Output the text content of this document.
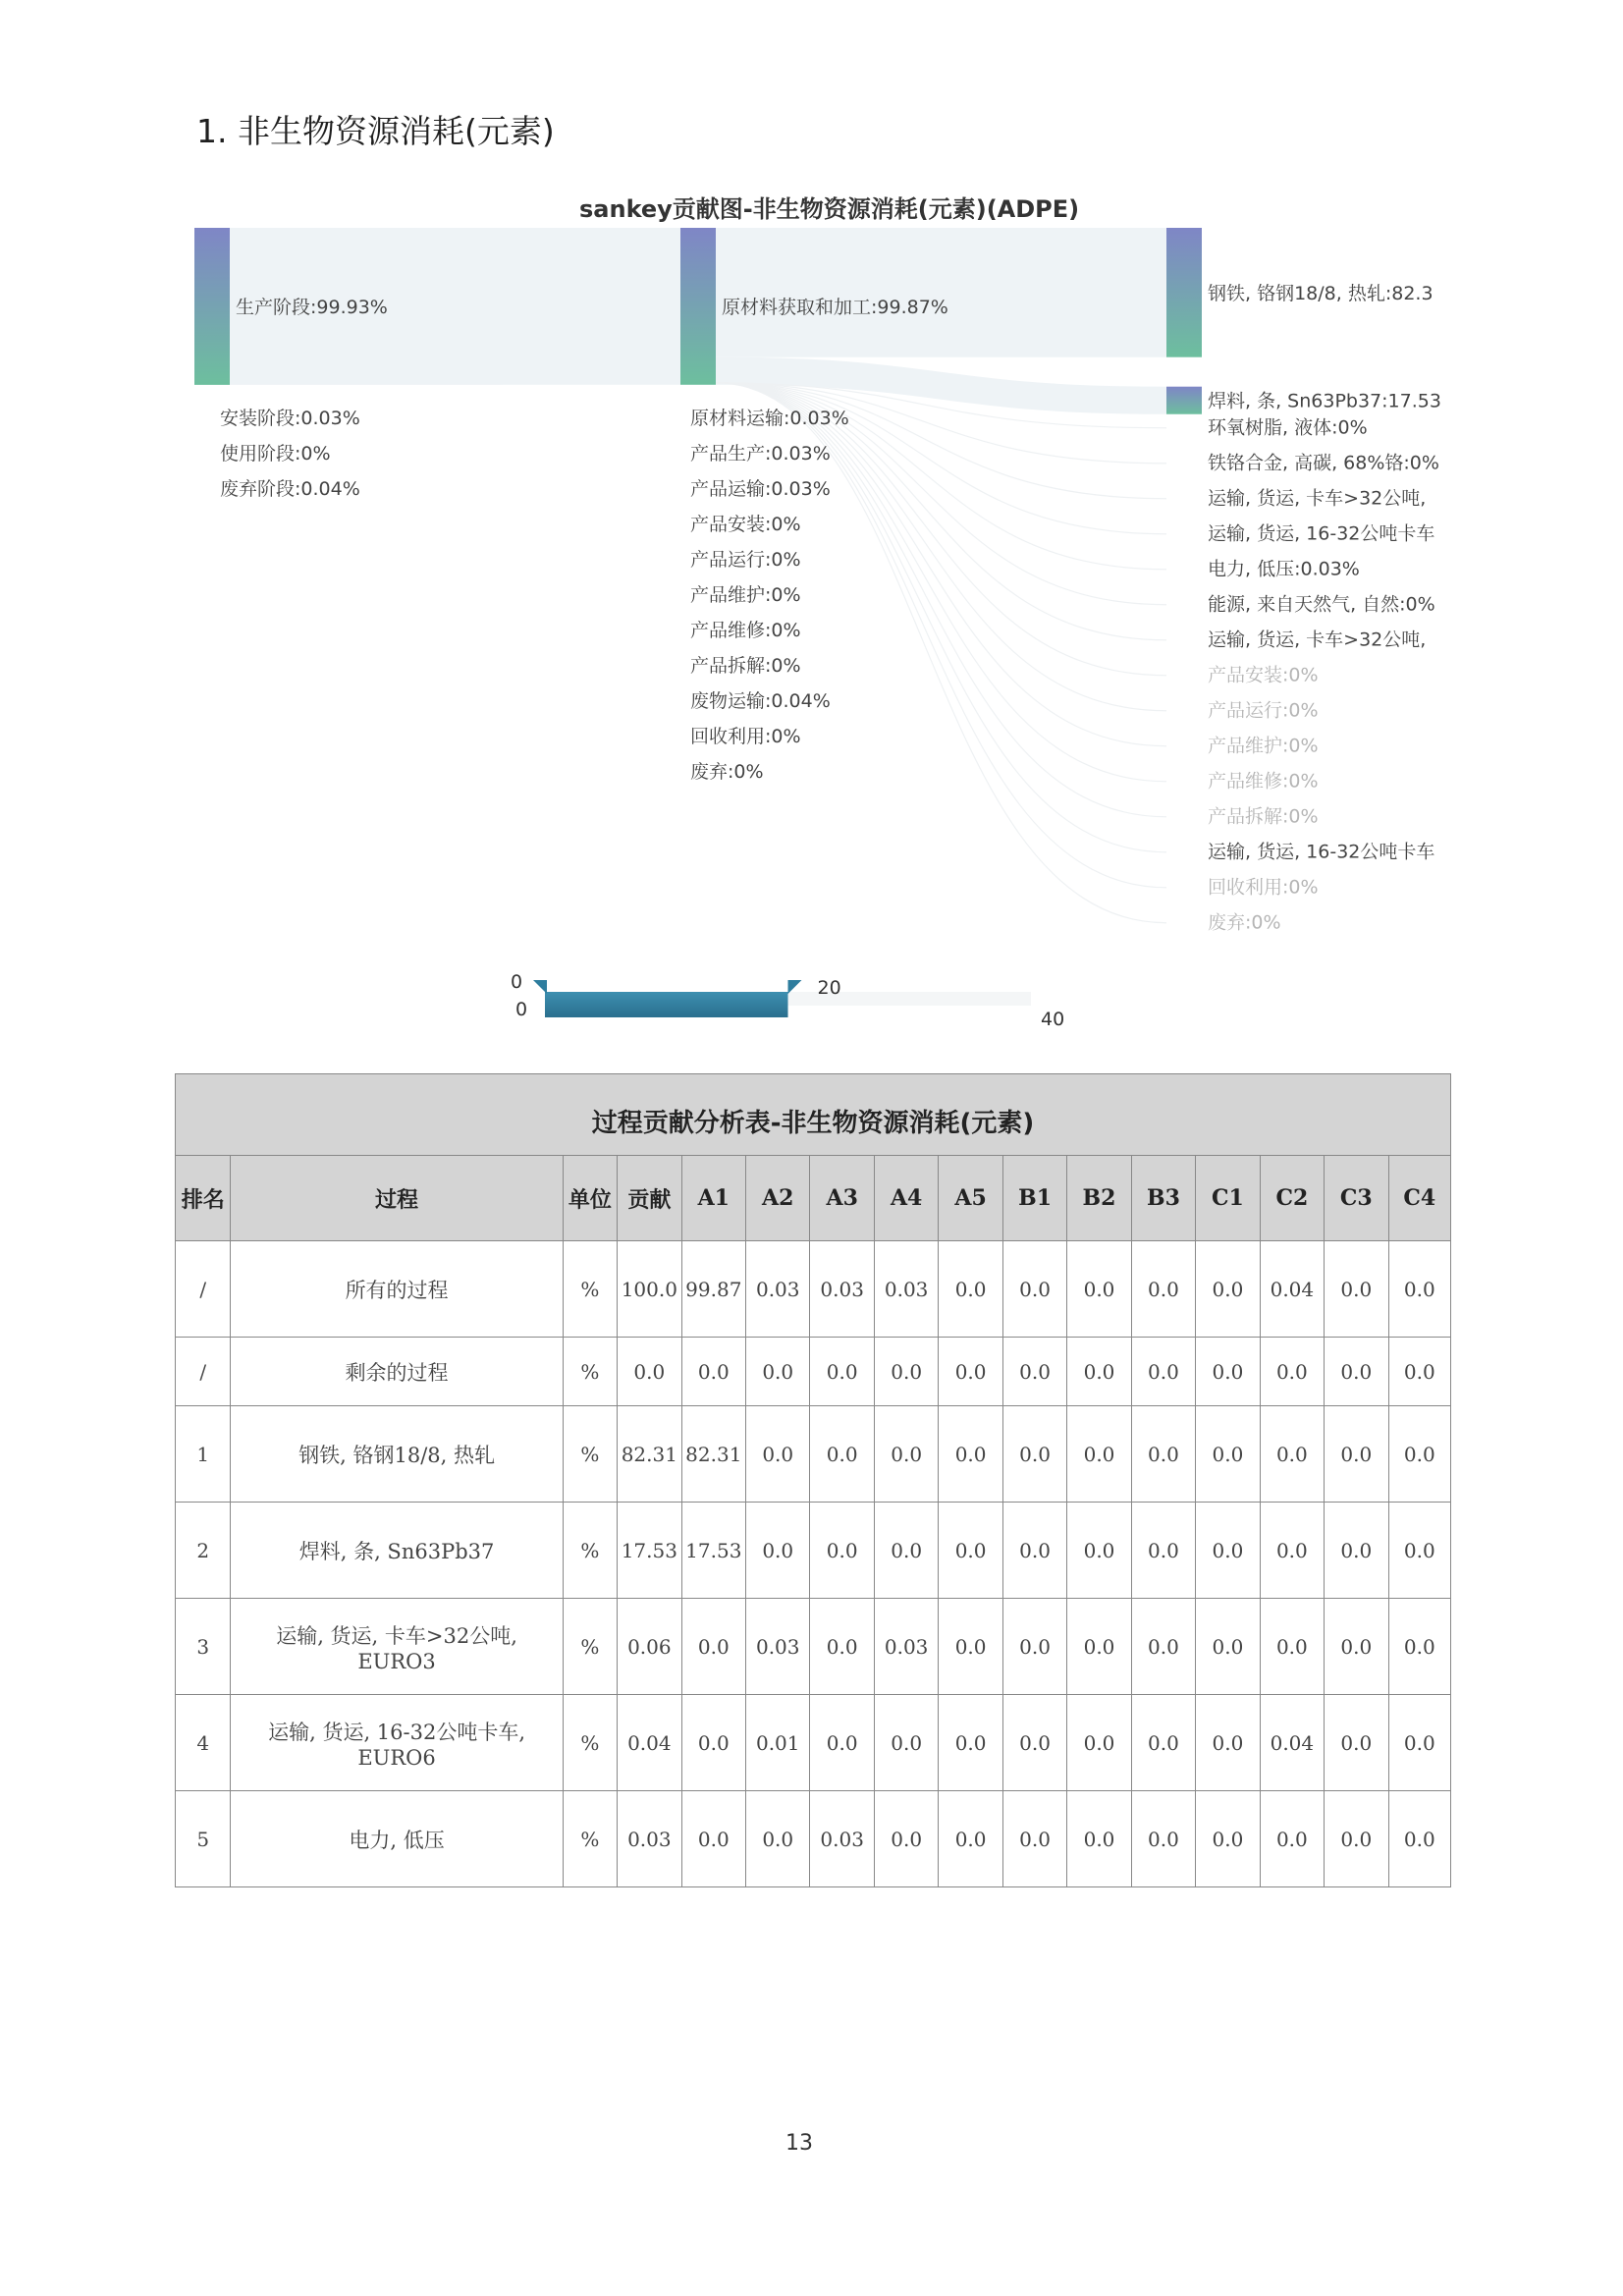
1. 非生物资源消耗(元素)
sankey贡献图-非生物资源消耗(元素)(ADPE)
生产阶段:99.93%
安装阶段:0.03%
使用阶段:0%
废弃阶段:0.04%
原材料获取和加工:99.87%
原材料运输:0.03%
产品生产:0.03%
产品运输:0.03%
产品安装:0%
产品运行:0%
产品维护:0%
产品维修:0%
产品拆解:0%
废物运输:0.04%
回收利用:0%
废弃:0%
钢铁, 铬钢18/8, 热轧:82.3
焊料, 条, Sn63Pb37:17.53
环氧树脂, 液体:0%
铁铬合金, 高碳, 68%铬:0%
运输, 货运, 卡车>32公吨,
运输, 货运, 16-32公吨卡车
电力, 低压:0.03%
能源, 来自天然气, 自然:0%
运输, 货运, 卡车>32公吨,
产品安装:0%
产品运行:0%
产品维护:0%
产品维修:0%
产品拆解:0%
运输, 货运, 16-32公吨卡车
回收利用:0%
废弃:0%
0
0
20
40
过程贡献分析表-非生物资源消耗(元素)
排名	过程	单位	贡献	A1	A2	A3	A4	A5	B1	B2	B3	C1	C2	C3	C4
/	所有的过程	%	100.0	99.87	0.03	0.03	0.03	0.0	0.0	0.0	0.0	0.0	0.04	0.0	0.0
/	剩余的过程	%	0.0	0.0	0.0	0.0	0.0	0.0	0.0	0.0	0.0	0.0	0.0	0.0	0.0
1	钢铁, 铬钢18/8, 热轧	%	82.31	82.31	0.0	0.0	0.0	0.0	0.0	0.0	0.0	0.0	0.0	0.0	0.0
2	焊料, 条, Sn63Pb37	%	17.53	17.53	0.0	0.0	0.0	0.0	0.0	0.0	0.0	0.0	0.0	0.0	0.0
3	运输, 货运, 卡车>32公吨, EURO3	%	0.06	0.0	0.03	0.0	0.03	0.0	0.0	0.0	0.0	0.0	0.0	0.0	0.0
4	运输, 货运, 16-32公吨卡车, EURO6	%	0.04	0.0	0.01	0.0	0.0	0.0	0.0	0.0	0.0	0.0	0.04	0.0	0.0
5	电力, 低压	%	0.03	0.0	0.0	0.03	0.0	0.0	0.0	0.0	0.0	0.0	0.0	0.0	0.0
13
